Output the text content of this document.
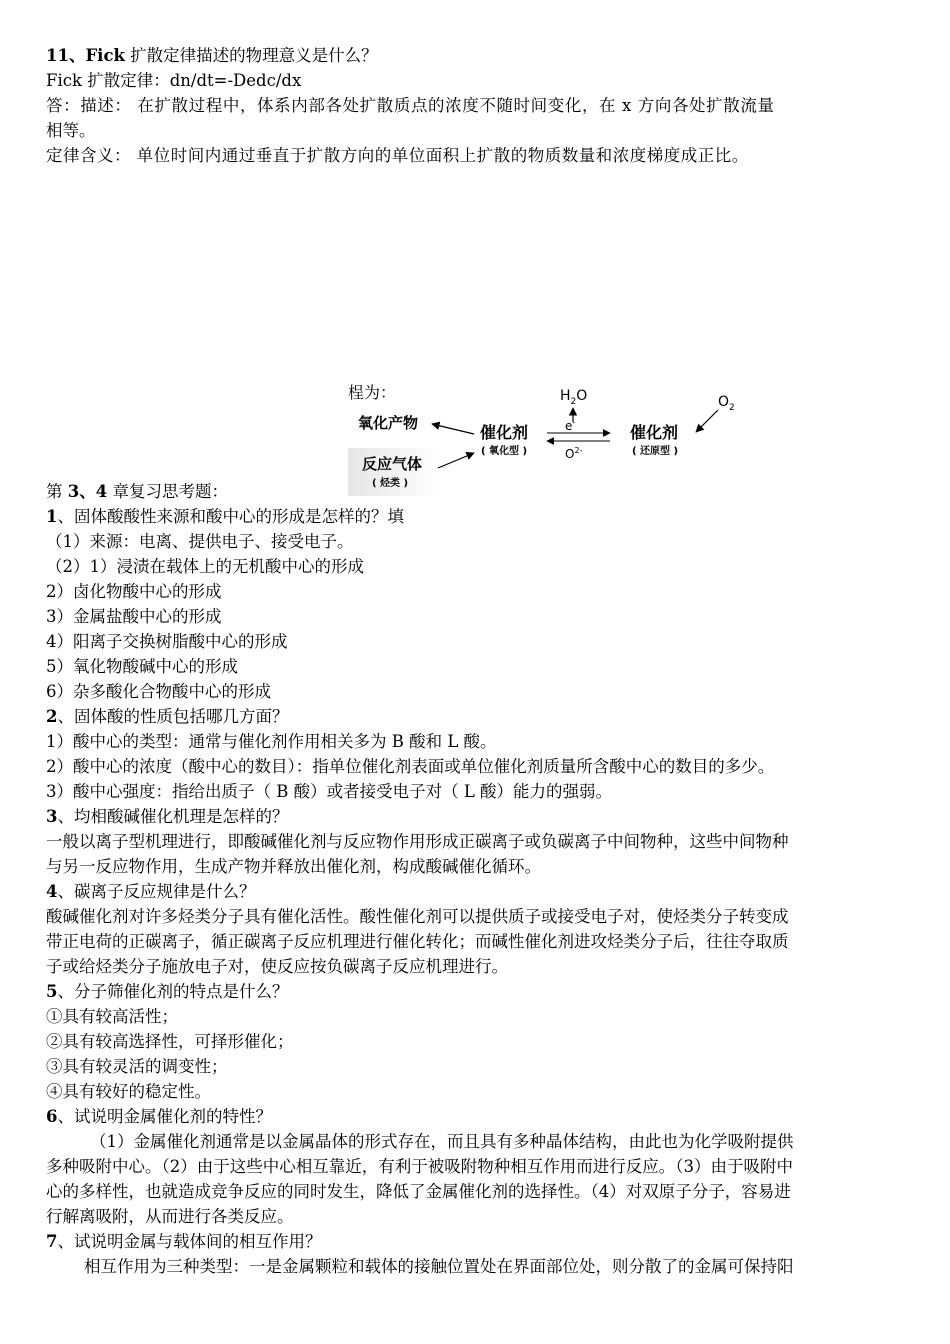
11、Fick 扩散定律描述的物理意义是什么？
Fick 扩散定律：dn/dt=-Dedc/dx
答：描述： 在扩散过程中，体系内部各处扩散质点的浓度不随时间变化，在 x 方向各处扩散流量
相等。
定律含义： 单位时间内通过垂直于扩散方向的单位面积上扩散的物质数量和浓度梯度成正比。
桯为：
氧化产物
反应气体
( 烃类 )
催化剂
( 氧化型 )
催化剂
( 还原型 )
$H_2O$
e-
$O^{2-}$
$O_2$
第 3、4 章复习思考题：
1、固体酸酸性来源和酸中心的形成是怎样的？填
（1）来源：电离、提供电子、接受电子。
（2）1）浸渍在载体上的无机酸中心的形成
2）卤化物酸中心的形成
3）金属盐酸中心的形成
4）阳离子交换树脂酸中心的形成
5）氧化物酸碱中心的形成
6）杂多酸化合物酸中心的形成
2、固体酸的性质包括哪几方面？
1）酸中心的类型：通常与催化剂作用相关多为 B 酸和 L 酸。
2）酸中心的浓度（酸中心的数目）：指单位催化剂表面或单位催化剂质量所含酸中心的数目的多少。
3）酸中心强度：指给出质子（ B 酸）或者接受电子对（ L 酸）能力的强弱。
3、均相酸碱催化机理是怎样的？
一般以离子型机理进行，即酸碱催化剂与反应物作用形成正碳离子或负碳离子中间物种，这些中间物种
与另一反应物作用，生成产物并释放出催化剂，构成酸碱催化循环。
4、碳离子反应规律是什么？
酸碱催化剂对许多烃类分子具有催化活性。酸性催化剂可以提供质子或接受电子对，使烃类分子转变成
带正电荷的正碳离子，循正碳离子反应机理进行催化转化；而碱性催化剂进攻烃类分子后，往往夺取质
子或给烃类分子施放电子对，使反应按负碳离子反应机理进行。
5、分子筛催化剂的特点是什么？
①具有较高活性；
②具有较高选择性，可择形催化；
③具有较灵活的调变性；
④具有较好的稳定性。
6、试说明金属催化剂的特性？
（1）金属催化剂通常是以金属晶体的形式存在，而且具有多种晶体结构，由此也为化学吸附提供
多种吸附中心。（2）由于这些中心相互靠近，有利于被吸附物种相互作用而进行反应。（3）由于吸附中
心的多样性，也就造成竞争反应的同时发生，降低了金属催化剂的选择性。（4）对双原子分子，容易进
行解离吸附，从而进行各类反应。
7、试说明金属与载体间的相互作用？
相互作用为三种类型：一是金属颗粒和载体的接触位置处在界面部位处，则分散了的金属可保持阳
